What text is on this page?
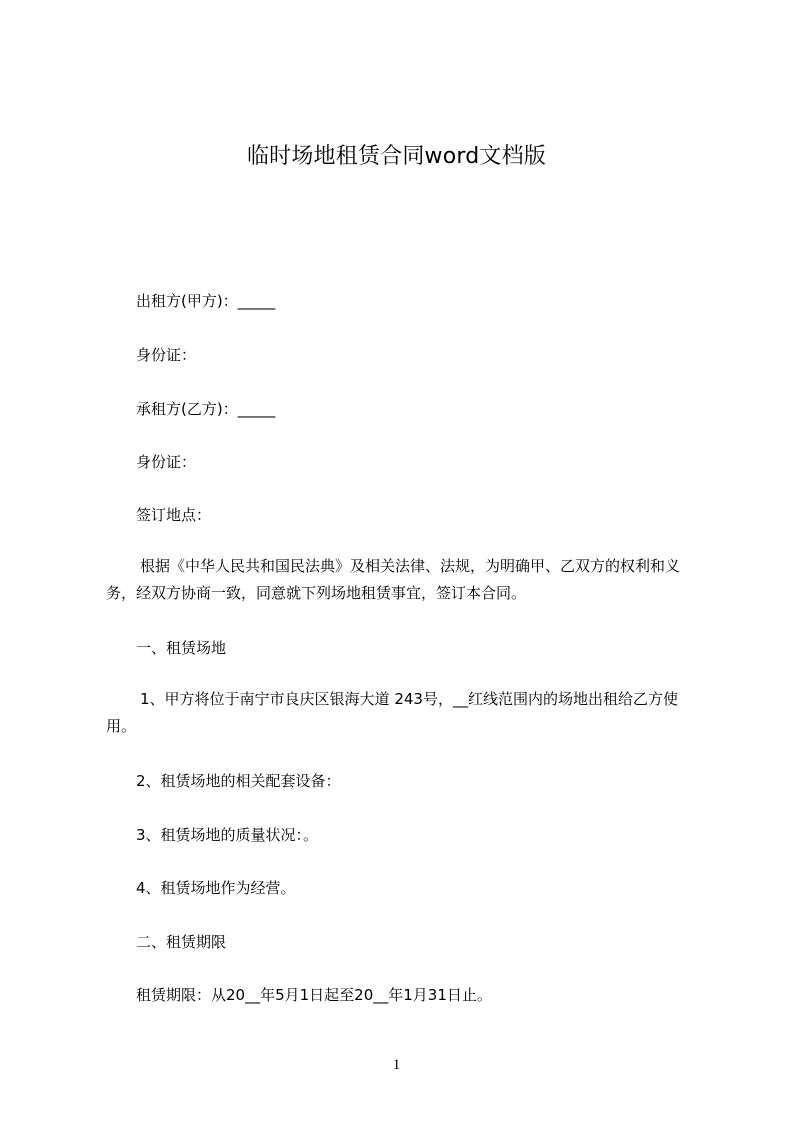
临时场地租赁合同word文档版
出租方(甲方)：_____
身份证：
承租方(乙方)：_____
身份证：
签订地点：
根据《中华人民共和国民法典》及相关法律、法规，为明确甲、乙双方的权利和义务，经双方协商一致，同意就下列场地租赁事宜，签订本合同。
一、租赁场地
1、甲方将位于南宁市良庆区银海大道 243号，__红线范围内的场地出租给乙方使用。
2、租赁场地的相关配套设备：
3、租赁场地的质量状况：。
4、租赁场地作为经营。
二、租赁期限
租赁期限：从20__年5月1日起至20__年1月31日止。
1
